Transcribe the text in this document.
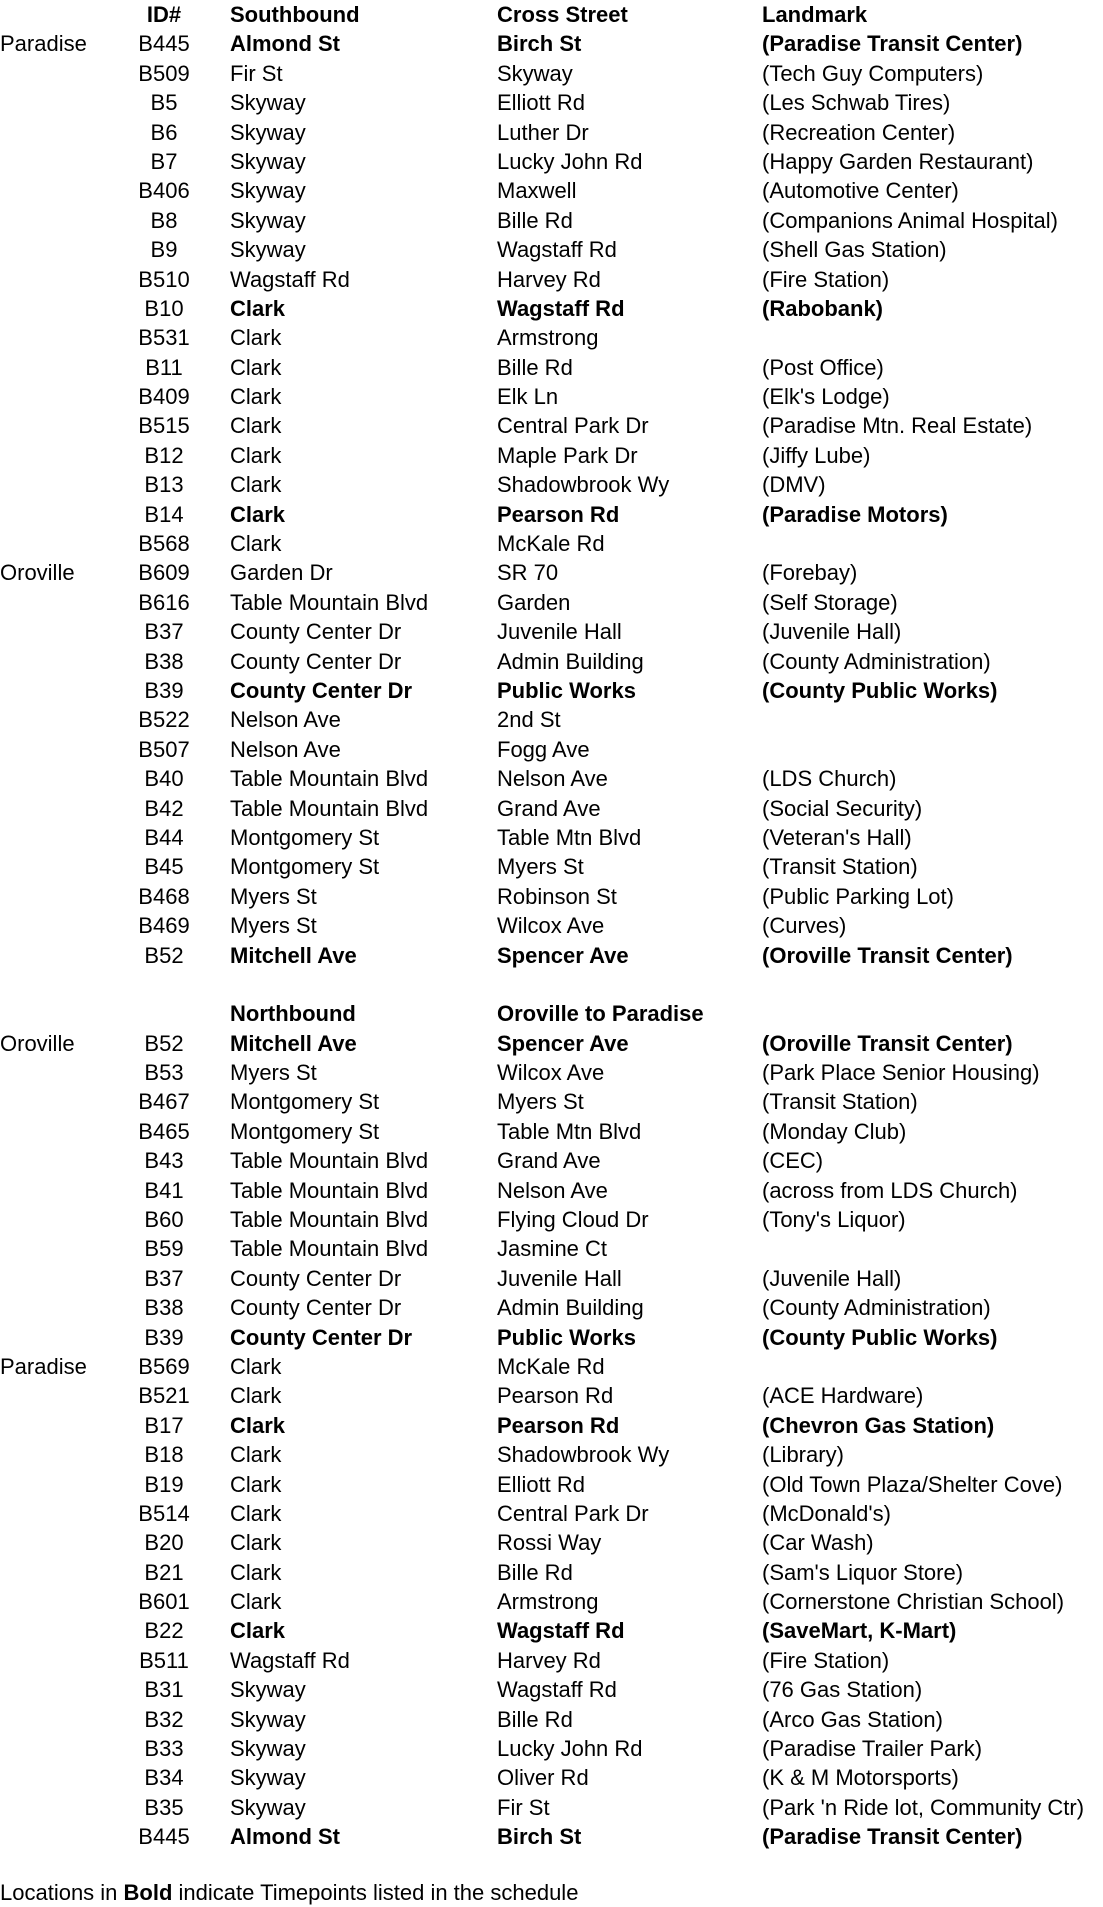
ID#	Southbound	Cross Street	Landmark
Paradise B445 Almond St	Birch St	(Paradise Transit Center)
B509 Fir St	Skyway	(Tech Guy Computers)
B5	Skyway	Elliott Rd	(Les Schwab Tires)
B6	Skyway	Luther Dr	(Recreation Center)
B7	Skyway	Lucky John Rd	(Happy Garden Restaurant)
B406 Skyway	Maxwell	(Automotive Center)
B8	Skyway	Bille Rd	(Companions Animal Hospital)
B9	Skyway	Wagstaff Rd	(Shell Gas Station)
B510 Wagstaff Rd	Harvey Rd	(Fire Station)
B10	Clark	Wagstaff Rd	(Rabobank)
B531 Clark	Armstrong
B11	Clark	Bille Rd	(Post Office)
B409 Clark	Elk Ln	(Elk's Lodge)
B515 Clark	Central Park Dr	(Paradise Mtn. Real Estate)
B12	Clark	Maple Park Dr	(Jiffy Lube)
B13	Clark	Shadowbrook Wy	(DMV)
B14	Clark	Pearson Rd	(Paradise Motors)
B568 Clark	McKale Rd
Oroville	B609 Garden Dr	SR 70	(Forebay)
B616 Table Mountain Blvd	Garden	(Self Storage)
B37	County Center Dr	Juvenile Hall	(Juvenile Hall)
B38	County Center Dr	Admin Building	(County Administration)
B39	County Center Dr	Public Works	(County Public Works)
B522 Nelson Ave	2nd St
B507 Nelson Ave	Fogg Ave
B40	Table Mountain Blvd	Nelson Ave	(LDS Church)
B42	Table Mountain Blvd	Grand Ave	(Social Security)
B44	Montgomery St	Table Mtn Blvd	(Veteran's Hall)
B45	Montgomery St	Myers St	(Transit Station)
B468 Myers St	Robinson St	(Public Parking Lot)
B469 Myers St	Wilcox Ave	(Curves)
B52	Mitchell Ave	Spencer Ave	(Oroville Transit Center)
Northbound	Oroville to Paradise
Oroville	B52	Mitchell Ave	Spencer Ave	(Oroville Transit Center)
B53	Myers St	Wilcox Ave	(Park Place Senior Housing)
B467 Montgomery St	Myers St	(Transit Station)
B465 Montgomery St	Table Mtn Blvd	(Monday Club)
B43	Table Mountain Blvd	Grand Ave	(CEC)
B41	Table Mountain Blvd	Nelson Ave	(across from LDS Church)
B60	Table Mountain Blvd	Flying Cloud Dr	(Tony's Liquor)
B59	Table Mountain Blvd	Jasmine Ct
B37	County Center Dr	Juvenile Hall	(Juvenile Hall)
B38	County Center Dr	Admin Building	(County Administration)
B39	County Center Dr	Public Works	(County Public Works)
Paradise B569 Clark	McKale Rd
B521 Clark	Pearson Rd	(ACE Hardware)
B17	Clark	Pearson Rd	(Chevron Gas Station)
B18	Clark	Shadowbrook Wy	(Library)
B19	Clark	Elliott Rd	(Old Town Plaza/Shelter Cove)
B514 Clark	Central Park Dr	(McDonald's)
B20	Clark	Rossi Way	(Car Wash)
B21	Clark	Bille Rd	(Sam's Liquor Store)
B601 Clark	Armstrong	(Cornerstone Christian School)
B22	Clark	Wagstaff Rd	(SaveMart, K-Mart)
B511	Wagstaff Rd	Harvey Rd	(Fire Station)
B31	Skyway	Wagstaff Rd	(76 Gas Station)
B32	Skyway	Bille Rd	(Arco Gas Station)
B33	Skyway	Lucky John Rd	(Paradise Trailer Park)
B34	Skyway	Oliver Rd	(K & M Motorsports)
B35	Skyway	Fir St	(Park 'n Ride lot, Community Ctr)
B445 Almond St	Birch St	(Paradise Transit Center)
Locations in Bold indicate Timepoints listed in the schedule
